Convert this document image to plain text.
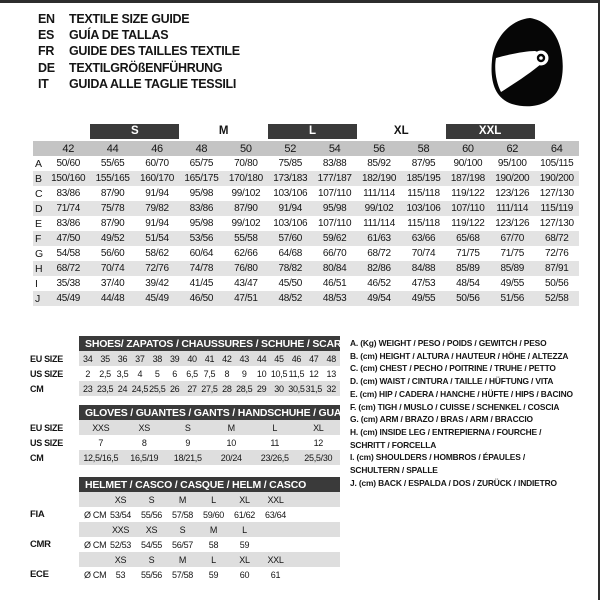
EN	TEXTILE SIZE GUIDE
ES	GUÍA DE TALLAS
FR	GUIDE DES TAILLES TEXTILE
DE	TEXTILGRÖßENFÜHRUNG
IT	GUIDA ALLE TAGLIE TESSILI

		S		M		L		XL		XXL		

	42	44	46	48	50	52	54	56	58	60	62	64
A	50/60	55/65	60/70	65/75	70/80	75/85	83/88	85/92	87/95	90/100	95/100	105/115
B	150/160	155/165	160/170	165/175	170/180	173/183	177/187	182/190	185/195	187/198	190/200	190/200
C	83/86	87/90	91/94	95/98	99/102	103/106	107/110	111/114	115/118	119/122	123/126	127/130
D	71/74	75/78	79/82	83/86	87/90	91/94	95/98	99/102	103/106	107/110	111/114	115/119
E	83/86	87/90	91/94	95/98	99/102	103/106	107/110	111/114	115/118	119/122	123/126	127/130
F	47/50	49/52	51/54	53/56	55/58	57/60	59/62	61/63	63/66	65/68	67/70	68/72
G	54/58	56/60	58/62	60/64	62/66	64/68	66/70	68/72	70/74	71/75	71/75	72/76
H	68/72	70/74	72/76	74/78	76/80	78/82	80/84	82/86	84/88	85/89	85/89	87/91
I	35/38	37/40	39/42	41/45	43/47	45/50	46/51	46/52	47/53	48/54	49/55	50/56
J	45/49	44/48	45/49	46/50	47/51	48/52	48/53	49/54	49/55	50/56	51/56	52/58
	SHOES/ ZAPATOS / CHAUSSURES / SCHUHE / SCARPE														
EU SIZE	34	35	36	37	38	39	40	41	42	43	44	45	46	47	48
US SIZE	2	2,5	3,5	4	5	6	6,5	7,5	8	9	10	10,5	11,5	12	13
CM	23	23,5	24	24,5	25,5	26	27	27,5	28	28,5	29	30	30,5	31,5	32
	GLOVES / GUANTES / GANTS / HANDSCHUHE / GUANTI					
EU SIZE	XXS	XS	S	M	L	XL
US SIZE	7	8	9	10	11	12
CM	12,5/16,5	16,5/19	18/21,5	20/24	23/26,5	25,5/30
	HELMET / CASCO / CASQUE / HELM / CASCO							
		XS	S	M	L	XL	XXL	
FIA	Ø CM	53/54	55/56	57/58	59/60	61/62	63/64	
		XXS	XS	S	M	L		
CMR	Ø CM	52/53	54/55	56/57	58	59		
		XS	S	M	L	XL	XXL	
ECE	Ø CM	53	55/56	57/58	59	60	61	
A. (Kg) WEIGHT / PESO / POIDS / GEWITCH / PESO
B. (cm) HEIGHT / ALTURA / HAUTEUR / HÖHE / ALTEZZA
C. (cm) CHEST / PECHO / POITRINE / TRUHE / PETTO
D. (cm) WAIST / CINTURA / TAILLE / HÜFTUNG / VITA
E. (cm) HIP / CADERA / HANCHE / HÜFTE / HIPS / BACINO
F. (cm) TIGH / MUSLO / CUISSE / SCHENKEL / COSCIA
G. (cm) ARM / BRAZO / BRAS / ARM / BRACCIO
H. (cm) INSIDE LEG / ENTREPIERNA / FOURCHE /
SCHRITT / FORCELLA
I. (cm) SHOULDERS / HOMBROS / ÉPAULES /
SCHULTERN / SPALLE
J. (cm) BACK / ESPALDA / DOS / ZURÜCK / INDIETRO
